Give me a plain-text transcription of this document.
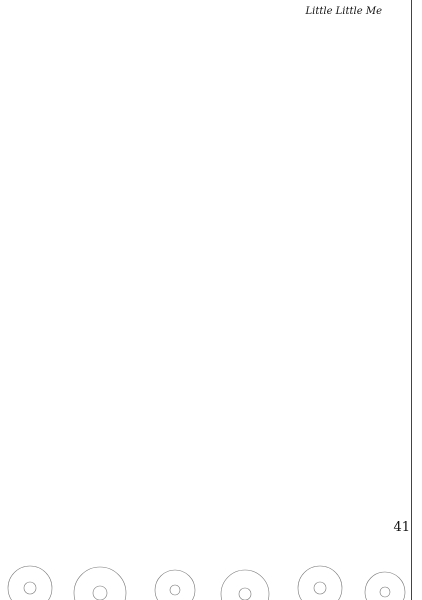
Little Little Me
41
